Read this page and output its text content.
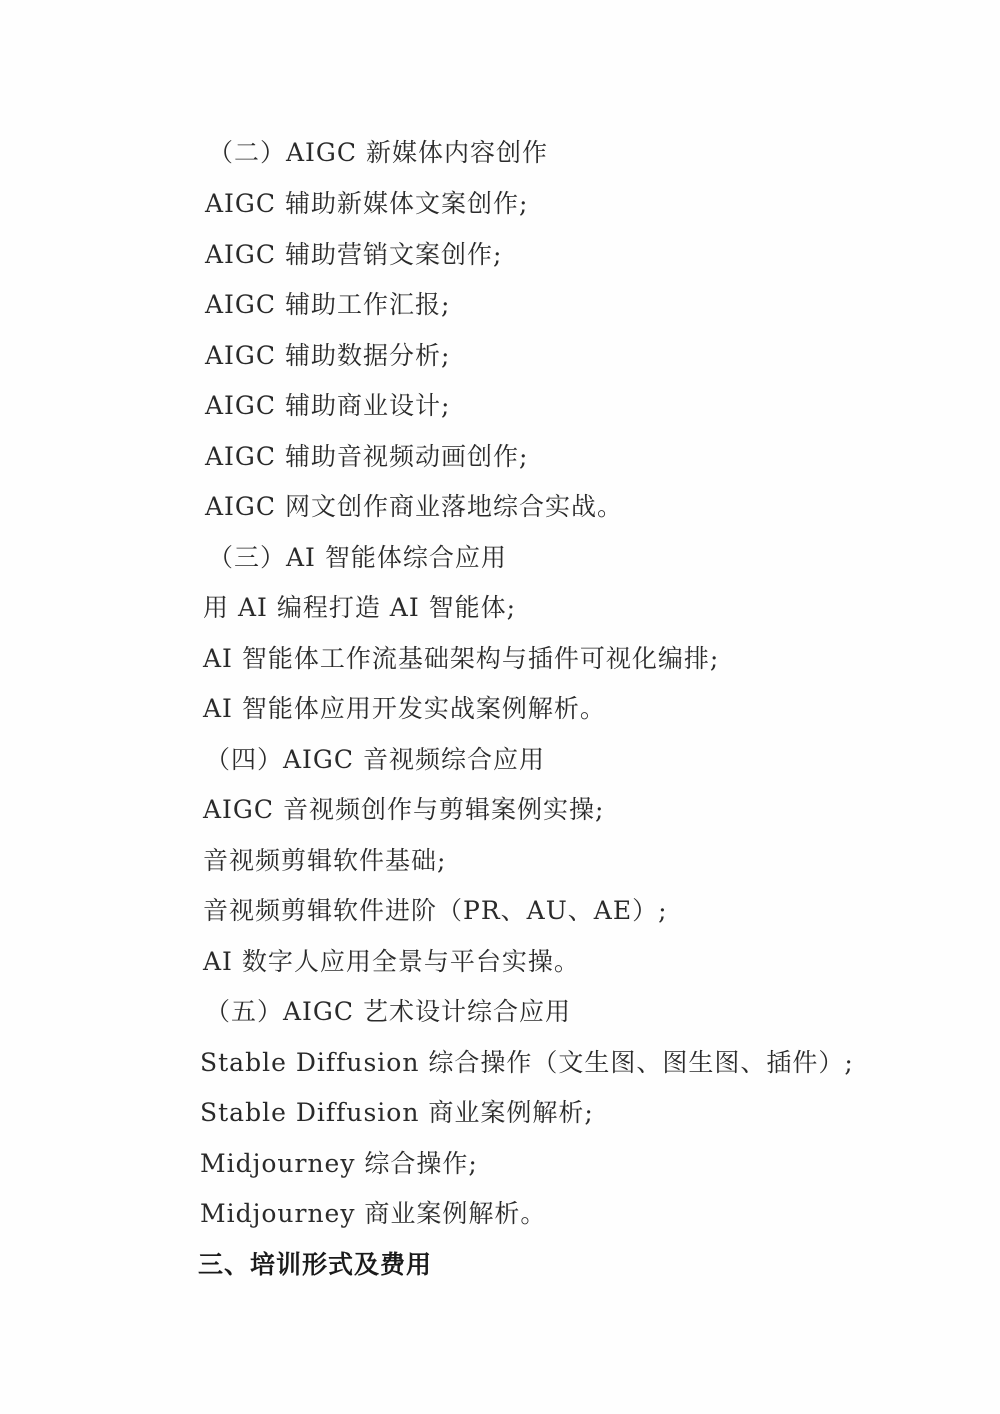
（二）AIGC 新媒体内容创作
AIGC 辅助新媒体文案创作;
AIGC 辅助营销文案创作;
AIGC 辅助工作汇报;
AIGC 辅助数据分析;
AIGC 辅助商业设计;
AIGC 辅助音视频动画创作;
AIGC 网文创作商业落地综合实战。
（三）AI 智能体综合应用
用 AI 编程打造 AI 智能体;
AI 智能体工作流基础架构与插件可视化编排;
AI 智能体应用开发实战案例解析。
（四）AIGC 音视频综合应用
AIGC 音视频创作与剪辑案例实操;
音视频剪辑软件基础;
音视频剪辑软件进阶（PR、AU、AE）;
AI 数字人应用全景与平台实操。
（五）AIGC 艺术设计综合应用
Stable Diffusion 综合操作（文生图、图生图、插件）;
Stable Diffusion 商业案例解析;
Midjourney 综合操作;
Midjourney 商业案例解析。
三、培训形式及费用
